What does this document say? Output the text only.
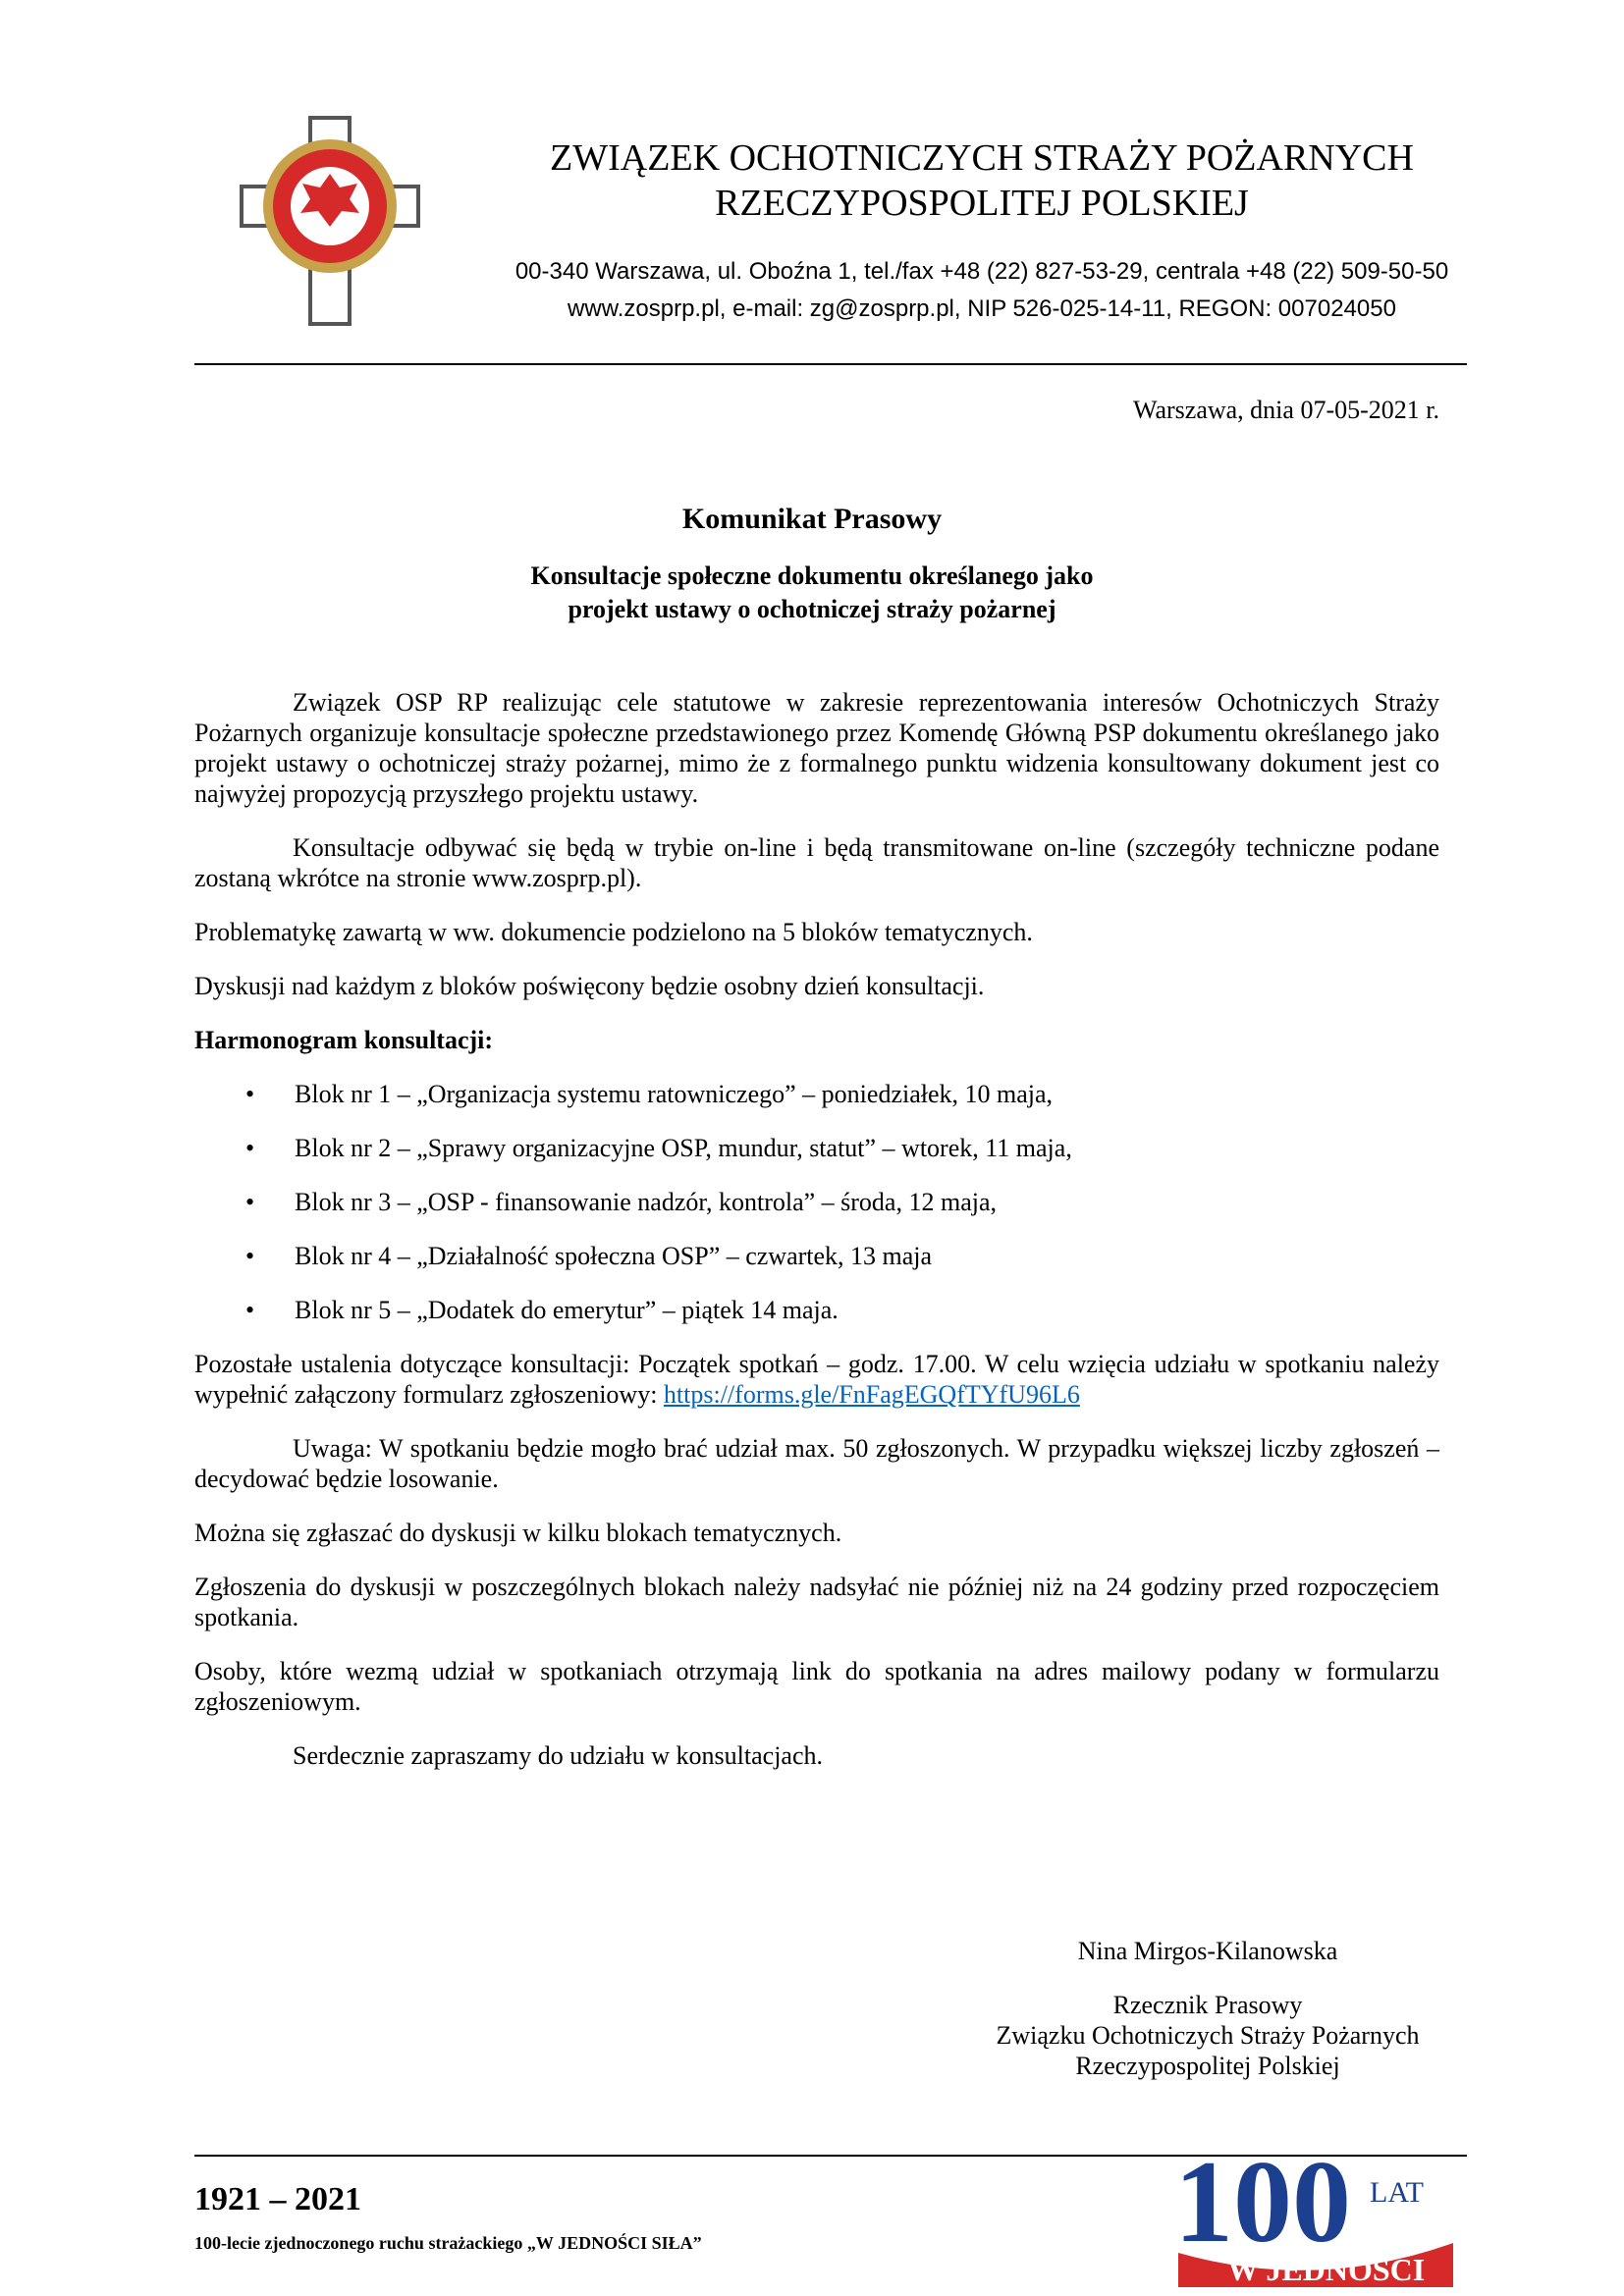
ZWIĄZEK OCHOTNICZYCH STRAŻY POŻARNYCH
RZECZYPOSPOLITEJ POLSKIEJ
00-340 Warszawa, ul. Oboźna 1, tel./fax +48 (22) 827-53-29, centrala +48 (22) 509-50-50
www.zosprp.pl, e-mail: zg@zosprp.pl, NIP 526-025-14-11, REGON: 007024050
Warszawa, dnia 07-05-2021 r.
Komunikat Prasowy
Konsultacje społeczne dokumentu określanego jako
projekt ustawy o ochotniczej straży pożarnej

Związek OSP RP realizując cele statutowe w zakresie reprezentowania interesów Ochotniczych Straży Pożarnych organizuje konsultacje społeczne przedstawionego przez Komendę Główną PSP dokumentu określanego jako projekt ustawy o ochotniczej straży pożarnej, mimo że z formalnego punktu widzenia konsultowany dokument jest co najwyżej propozycją przyszłego projektu ustawy.

Konsultacje odbywać się będą w trybie on-line i będą transmitowane on-line (szczegóły techniczne podane zostaną wkrótce na stronie www.zosprp.pl).

Problematykę zawartą w ww. dokumencie podzielono na 5 bloków tematycznych.

Dyskusji nad każdym z bloków poświęcony będzie osobny dzień konsultacji.

Harmonogram konsultacji:

• Blok nr 1 – „Organizacja systemu ratowniczego” – poniedziałek, 10 maja,
• Blok nr 2 – „Sprawy organizacyjne OSP, mundur, statut” – wtorek, 11 maja,
• Blok nr 3 – „OSP - finansowanie nadzór, kontrola” – środa, 12 maja,
• Blok nr 4 – „Działalność społeczna OSP” – czwartek, 13 maja
• Blok nr 5 – „Dodatek do emerytur” – piątek 14 maja.

Pozostałe ustalenia dotyczące konsultacji: Początek spotkań – godz. 17.00. W celu wzięcia udziału w spotkaniu należy wypełnić załączony formularz zgłoszeniowy: https://forms.gle/FnFagEGQfTYfU96L6

Uwaga: W spotkaniu będzie mogło brać udział max. 50 zgłoszonych. W przypadku większej liczby zgłoszeń – decydować będzie losowanie.

Można się zgłaszać do dyskusji w kilku blokach tematycznych.

Zgłoszenia do dyskusji w poszczególnych blokach należy nadsyłać nie później niż na 24 godziny przed rozpoczęciem spotkania.

Osoby, które wezmą udział w spotkaniach otrzymają link do spotkania na adres mailowy podany w formularzu zgłoszeniowym.

Serdecznie zapraszamy do udziału w konsultacjach.

Nina Mirgos-Kilanowska

Rzecznik Prasowy
Związku Ochotniczych Straży Pożarnych
Rzeczypospolitej Polskiej
1921 – 2021
100-lecie zjednoczonego ruchu strażackiego „W JEDNOŚCI SIŁA”	100 LAT
W JEDNOŚCI
